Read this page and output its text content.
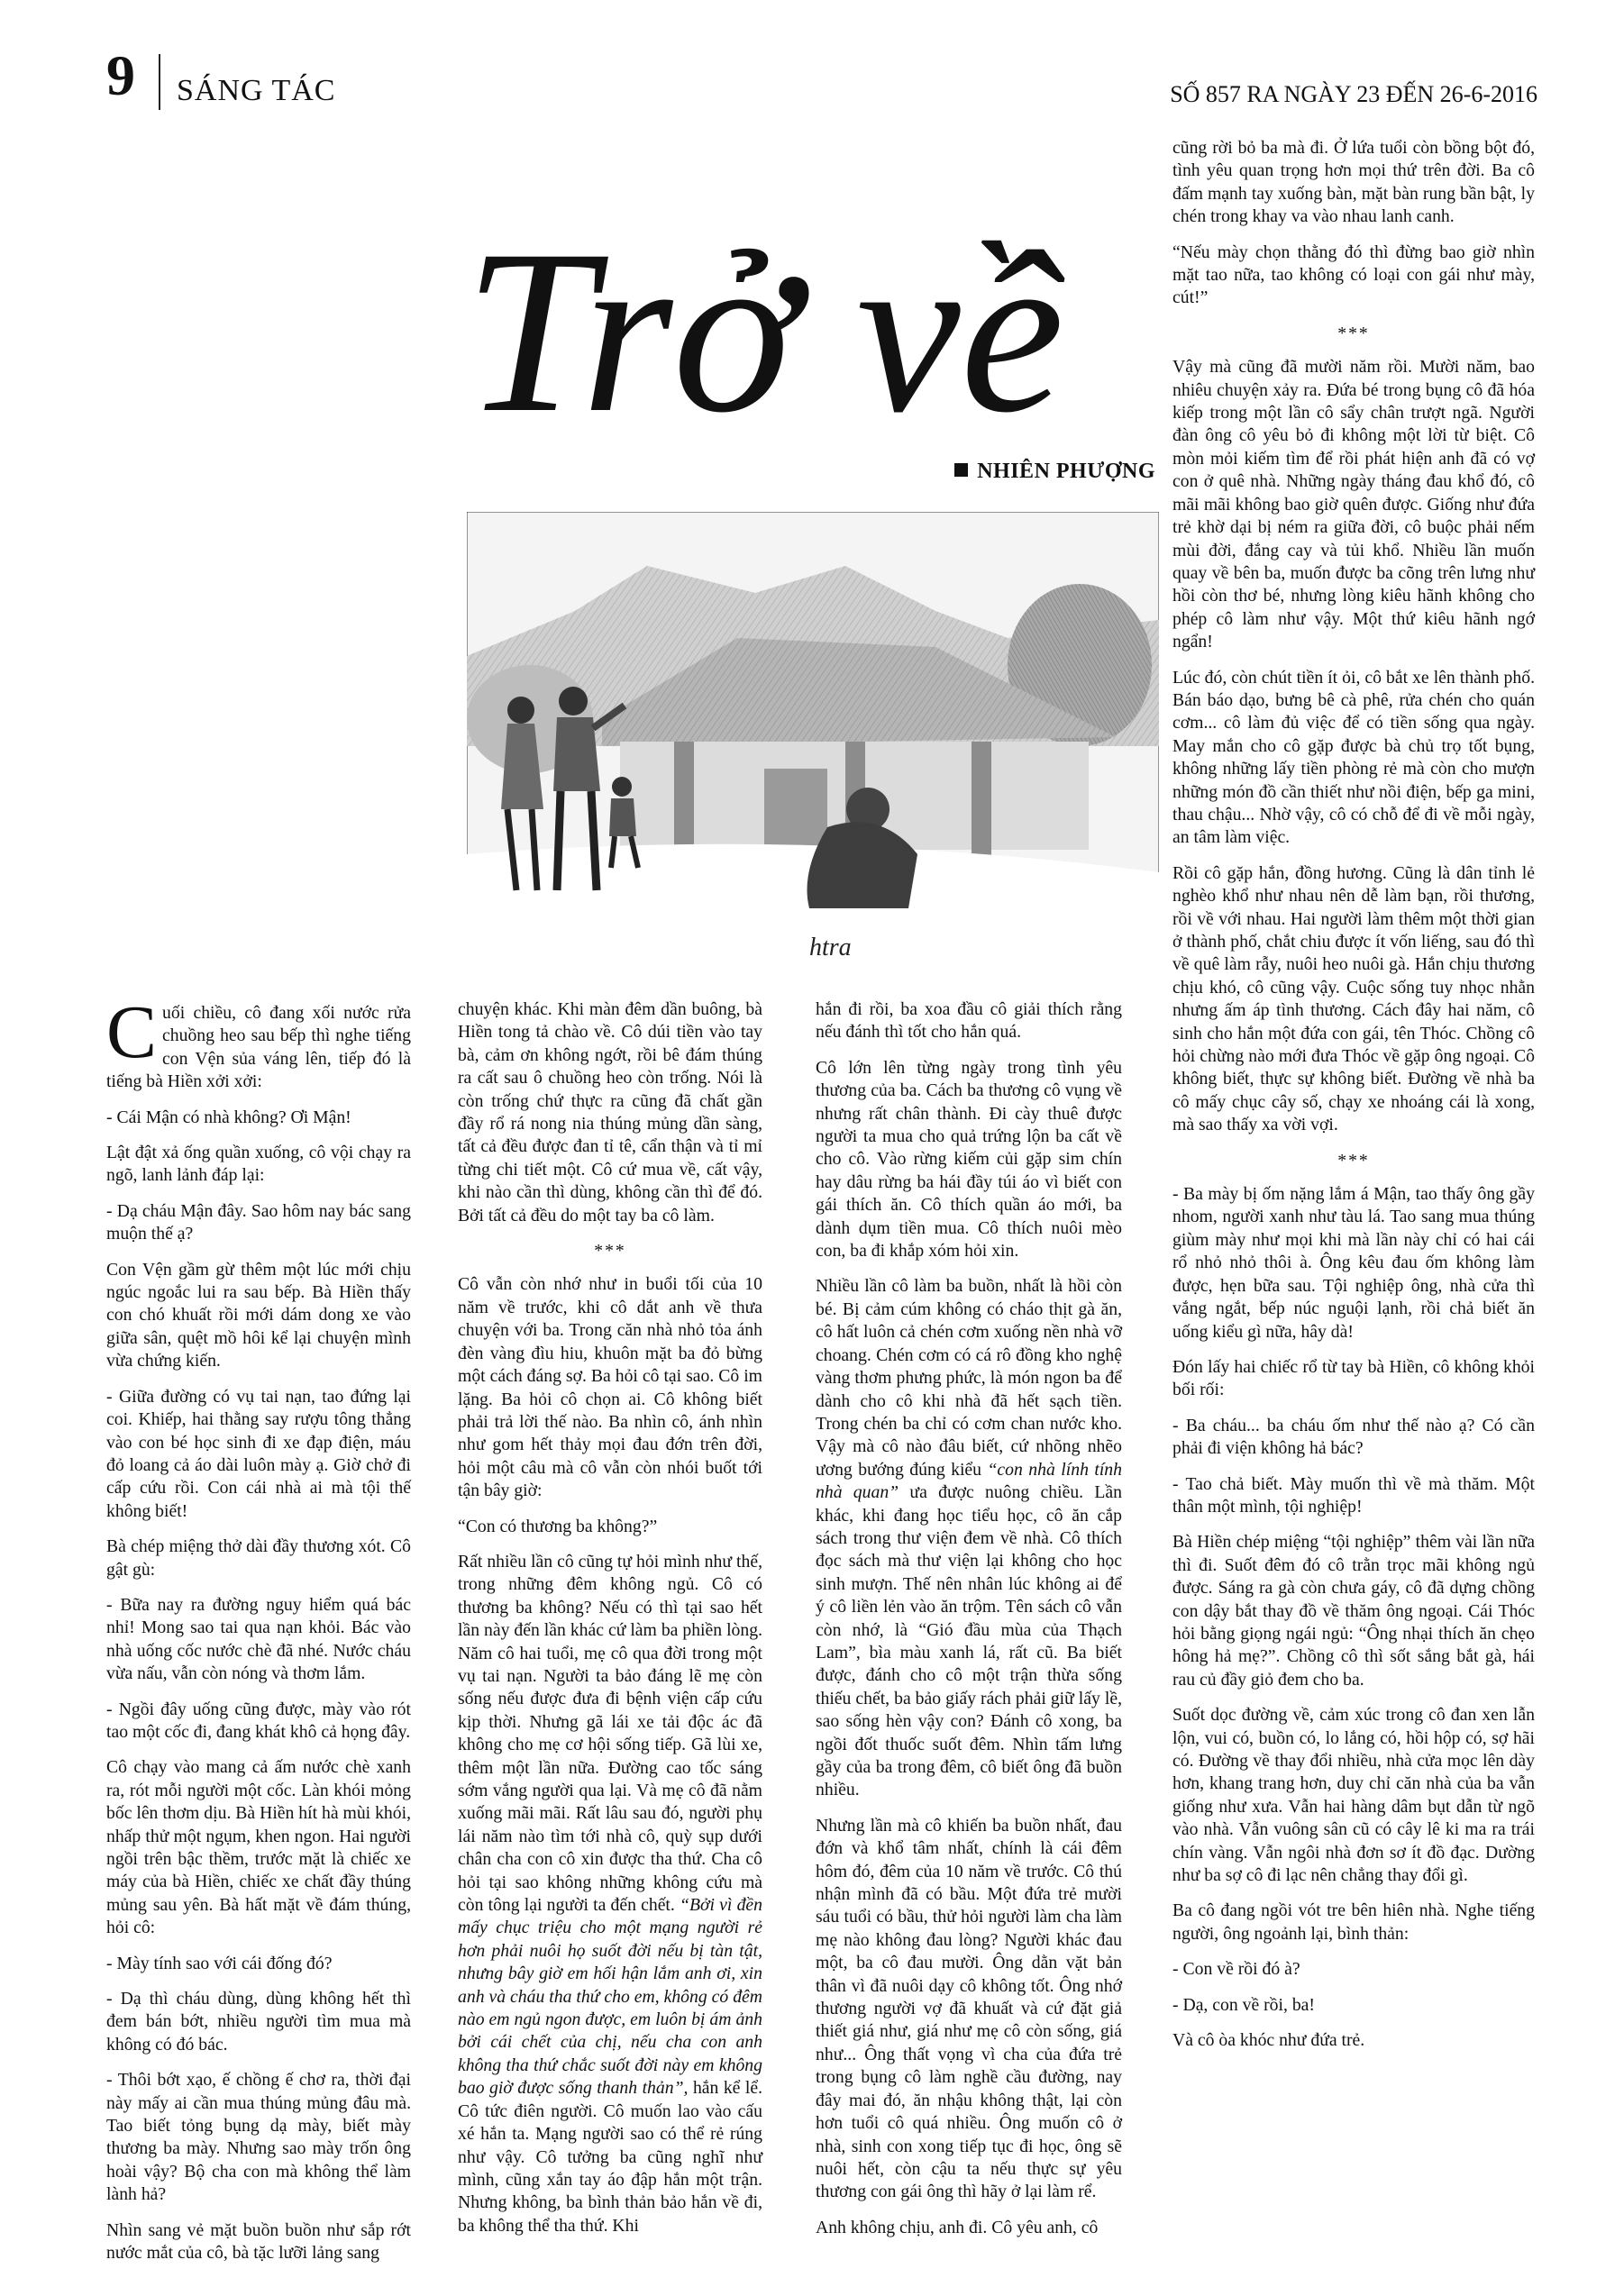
9 SÁNG TÁC	SỐ 857 RA NGÀY 23 ĐẾN 26-6-2016
Trở về
NHIÊN PHƯỢNG
htra

Cuối chiều, cô đang xối nước rửa chuồng heo sau bếp thì nghe tiếng con Vện sủa váng lên, tiếp đó là tiếng bà Hiền xởi xởi:

- Cái Mận có nhà không? Ơi Mận!

Lật đật xả ống quần xuống, cô vội chạy ra ngõ, lanh lảnh đáp lại:

- Dạ cháu Mận đây. Sao hôm nay bác sang muộn thế ạ?

Con Vện gầm gừ thêm một lúc mới chịu ngúc ngoắc lui ra sau bếp. Bà Hiền thấy con chó khuất rồi mới dám dong xe vào giữa sân, quệt mồ hôi kể lại chuyện mình vừa chứng kiến.

- Giữa đường có vụ tai nạn, tao đứng lại coi. Khiếp, hai thằng say rượu tông thẳng vào con bé học sinh đi xe đạp điện, máu đỏ loang cả áo dài luôn mày ạ. Giờ chở đi cấp cứu rồi. Con cái nhà ai mà tội thế không biết!

Bà chép miệng thở dài đầy thương xót. Cô gật gù:

- Bữa nay ra đường nguy hiểm quá bác nhỉ! Mong sao tai qua nạn khỏi. Bác vào nhà uống cốc nước chè đã nhé. Nước cháu vừa nấu, vẫn còn nóng và thơm lắm.

- Ngồi đây uống cũng được, mày vào rót tao một cốc đi, đang khát khô cả họng đây.

Cô chạy vào mang cả ấm nước chè xanh ra, rót mỗi người một cốc. Làn khói mỏng bốc lên thơm dịu. Bà Hiền hít hà mùi khói, nhấp thử một ngụm, khen ngon. Hai người ngồi trên bậc thềm, trước mặt là chiếc xe máy của bà Hiền, chiếc xe chất đầy thúng mủng sau yên. Bà hất mặt về đám thúng, hỏi cô:

- Mày tính sao với cái đống đó?

- Dạ thì cháu dùng, dùng không hết thì đem bán bớt, nhiều người tìm mua mà không có đó bác.

- Thôi bớt xạo, ế chồng ế chơ ra, thời đại này mấy ai cần mua thúng mủng đâu mà. Tao biết tỏng bụng dạ mày, biết mày thương ba mày. Nhưng sao mày trốn ông hoài vậy? Bộ cha con mà không thể làm lành hả?

Nhìn sang vẻ mặt buồn buồn như sắp rớt nước mắt của cô, bà tặc lưỡi lảng sang

chuyện khác. Khi màn đêm dần buông, bà Hiền tong tả chào về. Cô dúi tiền vào tay bà, cảm ơn không ngớt, rồi bê đám thúng ra cất sau ô chuồng heo còn trống. Nói là còn trống chứ thực ra cũng đã chất gần đầy rổ rá nong nia thúng mủng dần sàng, tất cả đều được đan tỉ tê, cẩn thận và tỉ mỉ từng chi tiết một. Cô cứ mua về, cất vậy, khi nào cần thì dùng, không cần thì để đó. Bởi tất cả đều do một tay ba cô làm.

***

Cô vẫn còn nhớ như in buổi tối của 10 năm về trước, khi cô dắt anh về thưa chuyện với ba. Trong căn nhà nhỏ tỏa ánh đèn vàng đìu hiu, khuôn mặt ba đỏ bừng một cách đáng sợ. Ba hỏi cô tại sao. Cô im lặng. Ba hỏi cô chọn ai. Cô không biết phải trả lời thế nào. Ba nhìn cô, ánh nhìn như gom hết thảy mọi đau đớn trên đời, hỏi một câu mà cô vẫn còn nhói buốt tới tận bây giờ:

“Con có thương ba không?”

Rất nhiều lần cô cũng tự hỏi mình như thế, trong những đêm không ngủ. Cô có thương ba không? Nếu có thì tại sao hết lần này đến lần khác cứ làm ba phiền lòng. Năm cô hai tuổi, mẹ cô qua đời trong một vụ tai nạn. Người ta bảo đáng lẽ mẹ còn sống nếu được đưa đi bệnh viện cấp cứu kịp thời. Nhưng gã lái xe tải độc ác đã không cho mẹ cơ hội sống tiếp. Gã lùi xe, thêm một lần nữa. Đường cao tốc sáng sớm vắng người qua lại. Và mẹ cô đã nằm xuống mãi mãi. Rất lâu sau đó, người phụ lái năm nào tìm tới nhà cô, quỳ sụp dưới chân cha con cô xin được tha thứ. Cha cô hỏi tại sao không những không cứu mà còn tông lại người ta đến chết. “Bởi vì đền mấy chục triệu cho một mạng người rẻ hơn phải nuôi họ suốt đời nếu bị tàn tật, nhưng bây giờ em hối hận lắm anh ơi, xin anh và cháu tha thứ cho em, không có đêm nào em ngủ ngon được, em luôn bị ám ảnh bởi cái chết của chị, nếu cha con anh không tha thứ chắc suốt đời này em không bao giờ được sống thanh thản”, hắn kể lể. Cô tức điên người. Cô muốn lao vào cấu xé hắn ta. Mạng người sao có thể rẻ rúng như vậy. Cô tưởng ba cũng nghĩ như mình, cũng xắn tay áo đập hắn một trận. Nhưng không, ba bình thản bảo hắn về đi, ba không thể tha thứ. Khi

hắn đi rồi, ba xoa đầu cô giải thích rằng nếu đánh thì tốt cho hắn quá.

Cô lớn lên từng ngày trong tình yêu thương của ba. Cách ba thương cô vụng về nhưng rất chân thành. Đi cày thuê được người ta mua cho quả trứng lộn ba cất về cho cô. Vào rừng kiếm củi gặp sim chín hay dâu rừng ba hái đầy túi áo vì biết con gái thích ăn. Cô thích quần áo mới, ba dành dụm tiền mua. Cô thích nuôi mèo con, ba đi khắp xóm hỏi xin.

Nhiều lần cô làm ba buồn, nhất là hồi còn bé. Bị cảm cúm không có cháo thịt gà ăn, cô hất luôn cả chén cơm xuống nền nhà vỡ choang. Chén cơm có cá rô đồng kho nghệ vàng thơm phưng phức, là món ngon ba để dành cho cô khi nhà đã hết sạch tiền. Trong chén ba chỉ có cơm chan nước kho. Vậy mà cô nào đâu biết, cứ nhõng nhẽo ương bướng đúng kiểu “con nhà lính tính nhà quan” ưa được nuông chiều. Lần khác, khi đang học tiểu học, cô ăn cắp sách trong thư viện đem về nhà. Cô thích đọc sách mà thư viện lại không cho học sinh mượn. Thế nên nhân lúc không ai để ý cô liền lẻn vào ăn trộm. Tên sách cô vẫn còn nhớ, là “Gió đầu mùa của Thạch Lam”, bìa màu xanh lá, rất cũ. Ba biết được, đánh cho cô một trận thừa sống thiếu chết, ba bảo giấy rách phải giữ lấy lề, sao sống hèn vậy con? Đánh cô xong, ba ngồi đốt thuốc suốt đêm. Nhìn tấm lưng gầy của ba trong đêm, cô biết ông đã buồn nhiều.

Nhưng lần mà cô khiến ba buồn nhất, đau đớn và khổ tâm nhất, chính là cái đêm hôm đó, đêm của 10 năm về trước. Cô thú nhận mình đã có bầu. Một đứa trẻ mười sáu tuổi có bầu, thử hỏi người làm cha làm mẹ nào không đau lòng? Người khác đau một, ba cô đau mười. Ông dằn vặt bản thân vì đã nuôi dạy cô không tốt. Ông nhớ thương người vợ đã khuất và cứ đặt giả thiết giá như, giá như mẹ cô còn sống, giá như... Ông thất vọng vì cha của đứa trẻ trong bụng cô làm nghề cầu đường, nay đây mai đó, ăn nhậu không thật, lại còn hơn tuổi cô quá nhiều. Ông muốn cô ở nhà, sinh con xong tiếp tục đi học, ông sẽ nuôi hết, còn cậu ta nếu thực sự yêu thương con gái ông thì hãy ở lại làm rể.

Anh không chịu, anh đi. Cô yêu anh, cô

cũng rời bỏ ba mà đi. Ở lứa tuổi còn bồng bột đó, tình yêu quan trọng hơn mọi thứ trên đời. Ba cô đấm mạnh tay xuống bàn, mặt bàn rung bần bật, ly chén trong khay va vào nhau lanh canh.

“Nếu mày chọn thằng đó thì đừng bao giờ nhìn mặt tao nữa, tao không có loại con gái như mày, cút!”

***

Vậy mà cũng đã mười năm rồi. Mười năm, bao nhiêu chuyện xảy ra. Đứa bé trong bụng cô đã hóa kiếp trong một lần cô sẩy chân trượt ngã. Người đàn ông cô yêu bỏ đi không một lời từ biệt. Cô mòn mỏi kiếm tìm để rồi phát hiện anh đã có vợ con ở quê nhà. Những ngày tháng đau khổ đó, cô mãi mãi không bao giờ quên được. Giống như đứa trẻ khờ dại bị ném ra giữa đời, cô buộc phải nếm mùi đời, đắng cay và tủi khổ. Nhiều lần muốn quay về bên ba, muốn được ba cõng trên lưng như hồi còn thơ bé, nhưng lòng kiêu hãnh không cho phép cô làm như vậy. Một thứ kiêu hãnh ngớ ngẩn!

Lúc đó, còn chút tiền ít ỏi, cô bắt xe lên thành phố. Bán báo dạo, bưng bê cà phê, rửa chén cho quán cơm... cô làm đủ việc để có tiền sống qua ngày. May mắn cho cô gặp được bà chủ trọ tốt bụng, không những lấy tiền phòng rẻ mà còn cho mượn những món đồ cần thiết như nồi điện, bếp ga mini, thau chậu... Nhờ vậy, cô có chỗ để đi về mỗi ngày, an tâm làm việc.

Rồi cô gặp hắn, đồng hương. Cũng là dân tỉnh lẻ nghèo khổ như nhau nên dễ làm bạn, rồi thương, rồi về với nhau. Hai người làm thêm một thời gian ở thành phố, chắt chiu được ít vốn liếng, sau đó thì về quê làm rẫy, nuôi heo nuôi gà. Hắn chịu thương chịu khó, cô cũng vậy. Cuộc sống tuy nhọc nhằn nhưng ấm áp tình thương. Cách đây hai năm, cô sinh cho hắn một đứa con gái, tên Thóc. Chồng cô hỏi chừng nào mới đưa Thóc về gặp ông ngoại. Cô không biết, thực sự không biết. Đường về nhà ba cô mấy chục cây số, chạy xe nhoáng cái là xong, mà sao thấy xa vời vợi.

***

- Ba mày bị ốm nặng lắm á Mận, tao thấy ông gầy nhom, người xanh như tàu lá. Tao sang mua thúng giùm mày như mọi khi mà lần này chỉ có hai cái rổ nhỏ nhỏ thôi à. Ông kêu đau ốm không làm được, hẹn bữa sau. Tội nghiệp ông, nhà cửa thì vắng ngắt, bếp núc nguội lạnh, rồi chả biết ăn uống kiểu gì nữa, hây dà!

Đón lấy hai chiếc rổ từ tay bà Hiền, cô không khỏi bối rối:

- Ba cháu... ba cháu ốm như thế nào ạ? Có cần phải đi viện không hả bác?

- Tao chả biết. Mày muốn thì về mà thăm. Một thân một mình, tội nghiệp!

Bà Hiền chép miệng “tội nghiệp” thêm vài lần nữa thì đi. Suốt đêm đó cô trằn trọc mãi không ngủ được. Sáng ra gà còn chưa gáy, cô đã dựng chồng con dậy bắt thay đồ về thăm ông ngoại. Cái Thóc hỏi bằng giọng ngái ngủ: “Ông nhại thích ăn chẹo hông hả mẹ?”. Chồng cô thì sốt sắng bắt gà, hái rau củ đầy giỏ đem cho ba.

Suốt dọc đường về, cảm xúc trong cô đan xen lẫn lộn, vui có, buồn có, lo lắng có, hồi hộp có, sợ hãi có. Đường về thay đổi nhiều, nhà cửa mọc lên dày hơn, khang trang hơn, duy chỉ căn nhà của ba vẫn giống như xưa. Vẫn hai hàng dâm bụt dẫn từ ngõ vào nhà. Vẫn vuông sân cũ có cây lê ki ma ra trái chín vàng. Vẫn ngôi nhà đơn sơ ít đồ đạc. Dường như ba sợ cô đi lạc nên chẳng thay đổi gì.

Ba cô đang ngồi vót tre bên hiên nhà. Nghe tiếng người, ông ngoảnh lại, bình thản:

- Con về rồi đó à?

- Dạ, con về rồi, ba!

Và cô òa khóc như đứa trẻ.
